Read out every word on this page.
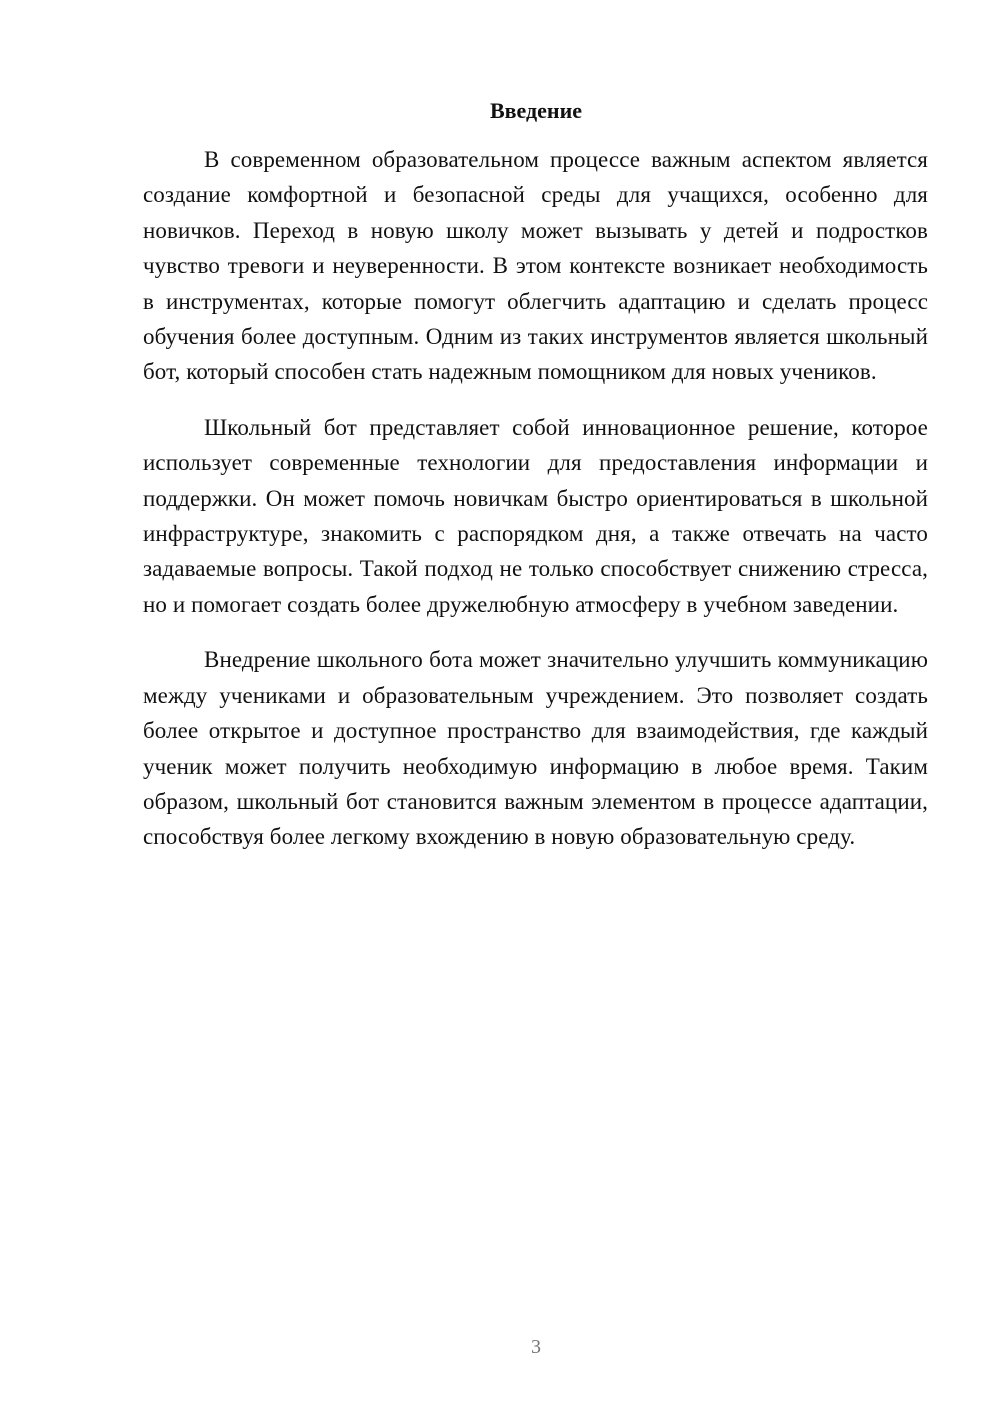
Введение

В современном образовательном процессе важным аспектом является создание комфортной и безопасной среды для учащихся, особенно для новичков. Переход в новую школу может вызывать у детей и подростков чувство тревоги и неуверенности. В этом контексте возникает необходимость в инструментах, которые помогут облегчить адаптацию и сделать процесс обучения более доступным. Одним из таких инструментов является школьный бот, который способен стать надежным помощником для новых учеников.

Школьный бот представляет собой инновационное решение, которое использует современные технологии для предоставления информации и поддержки. Он может помочь новичкам быстро ориентироваться в школьной инфраструктуре, знакомить с распорядком дня, а также отвечать на часто задаваемые вопросы. Такой подход не только способствует снижению стресса, но и помогает создать более дружелюбную атмосферу в учебном заведении.

Внедрение школьного бота может значительно улучшить коммуникацию между учениками и образовательным учреждением. Это позволяет создать более открытое и доступное пространство для взаимодействия, где каждый ученик может получить необходимую информацию в любое время. Таким образом, школьный бот становится важным элементом в процессе адаптации, способствуя более легкому вхождению в новую образовательную среду.

3
